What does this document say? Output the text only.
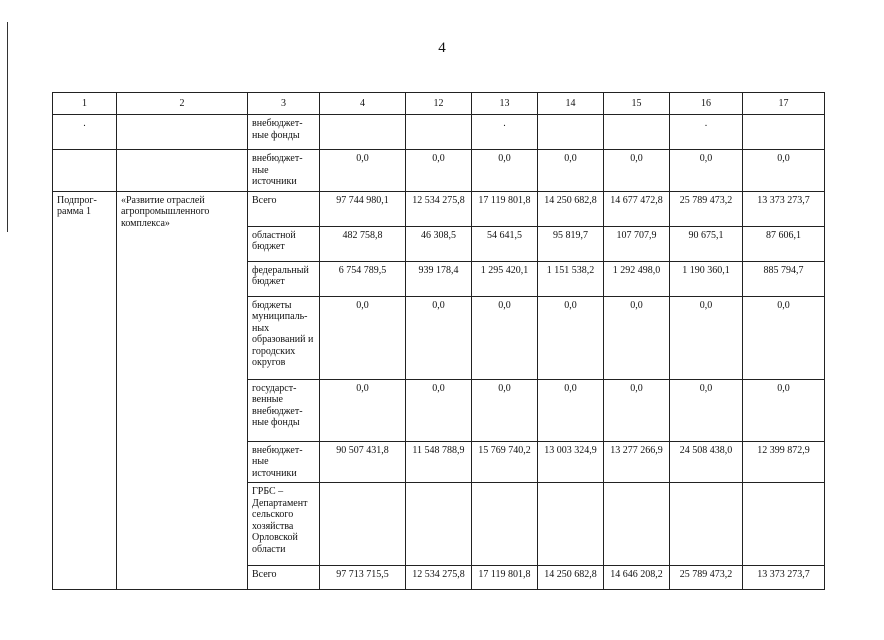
4
1	2	3	4	12	13	14	15	16	17

.		внебюджет- ные фонды			.			.	

		внебюджет- ные источники	0,0	0,0	0,0	0,0	0,0	0,0	0,0
Подпрог- рамма 1	«Развитие отраслей агропромышленного комплекса»	Всего	97 744 980,1	12 534 275,8	17 119 801,8	14 250 682,8	14 677 472,8	25 789 473,2	13 373 273,7
		областной бюджет	482 758,8	46 308,5	54 641,5	95 819,7	107 707,9	90 675,1	87 606,1
		федеральный бюджет	6 754 789,5	939 178,4	1 295 420,1	1 151 538,2	1 292 498,0	1 190 360,1	885 794,7
		бюджеты муниципаль- ных образований и городских округов	0,0	0,0	0,0	0,0	0,0	0,0	0,0
		государст- венные внебюджет- ные фонды	0,0	0,0	0,0	0,0	0,0	0,0	0,0
		внебюджет- ные источники	90 507 431,8	11 548 788,9	15 769 740,2	13 003 324,9	13 277 266,9	24 508 438,0	12 399 872,9
		ГРБС – Департамент сельского хозяйства Орловской области							
		Всего	97 713 715,5	12 534 275,8	17 119 801,8	14 250 682,8	14 646 208,2	25 789 473,2	13 373 273,7
